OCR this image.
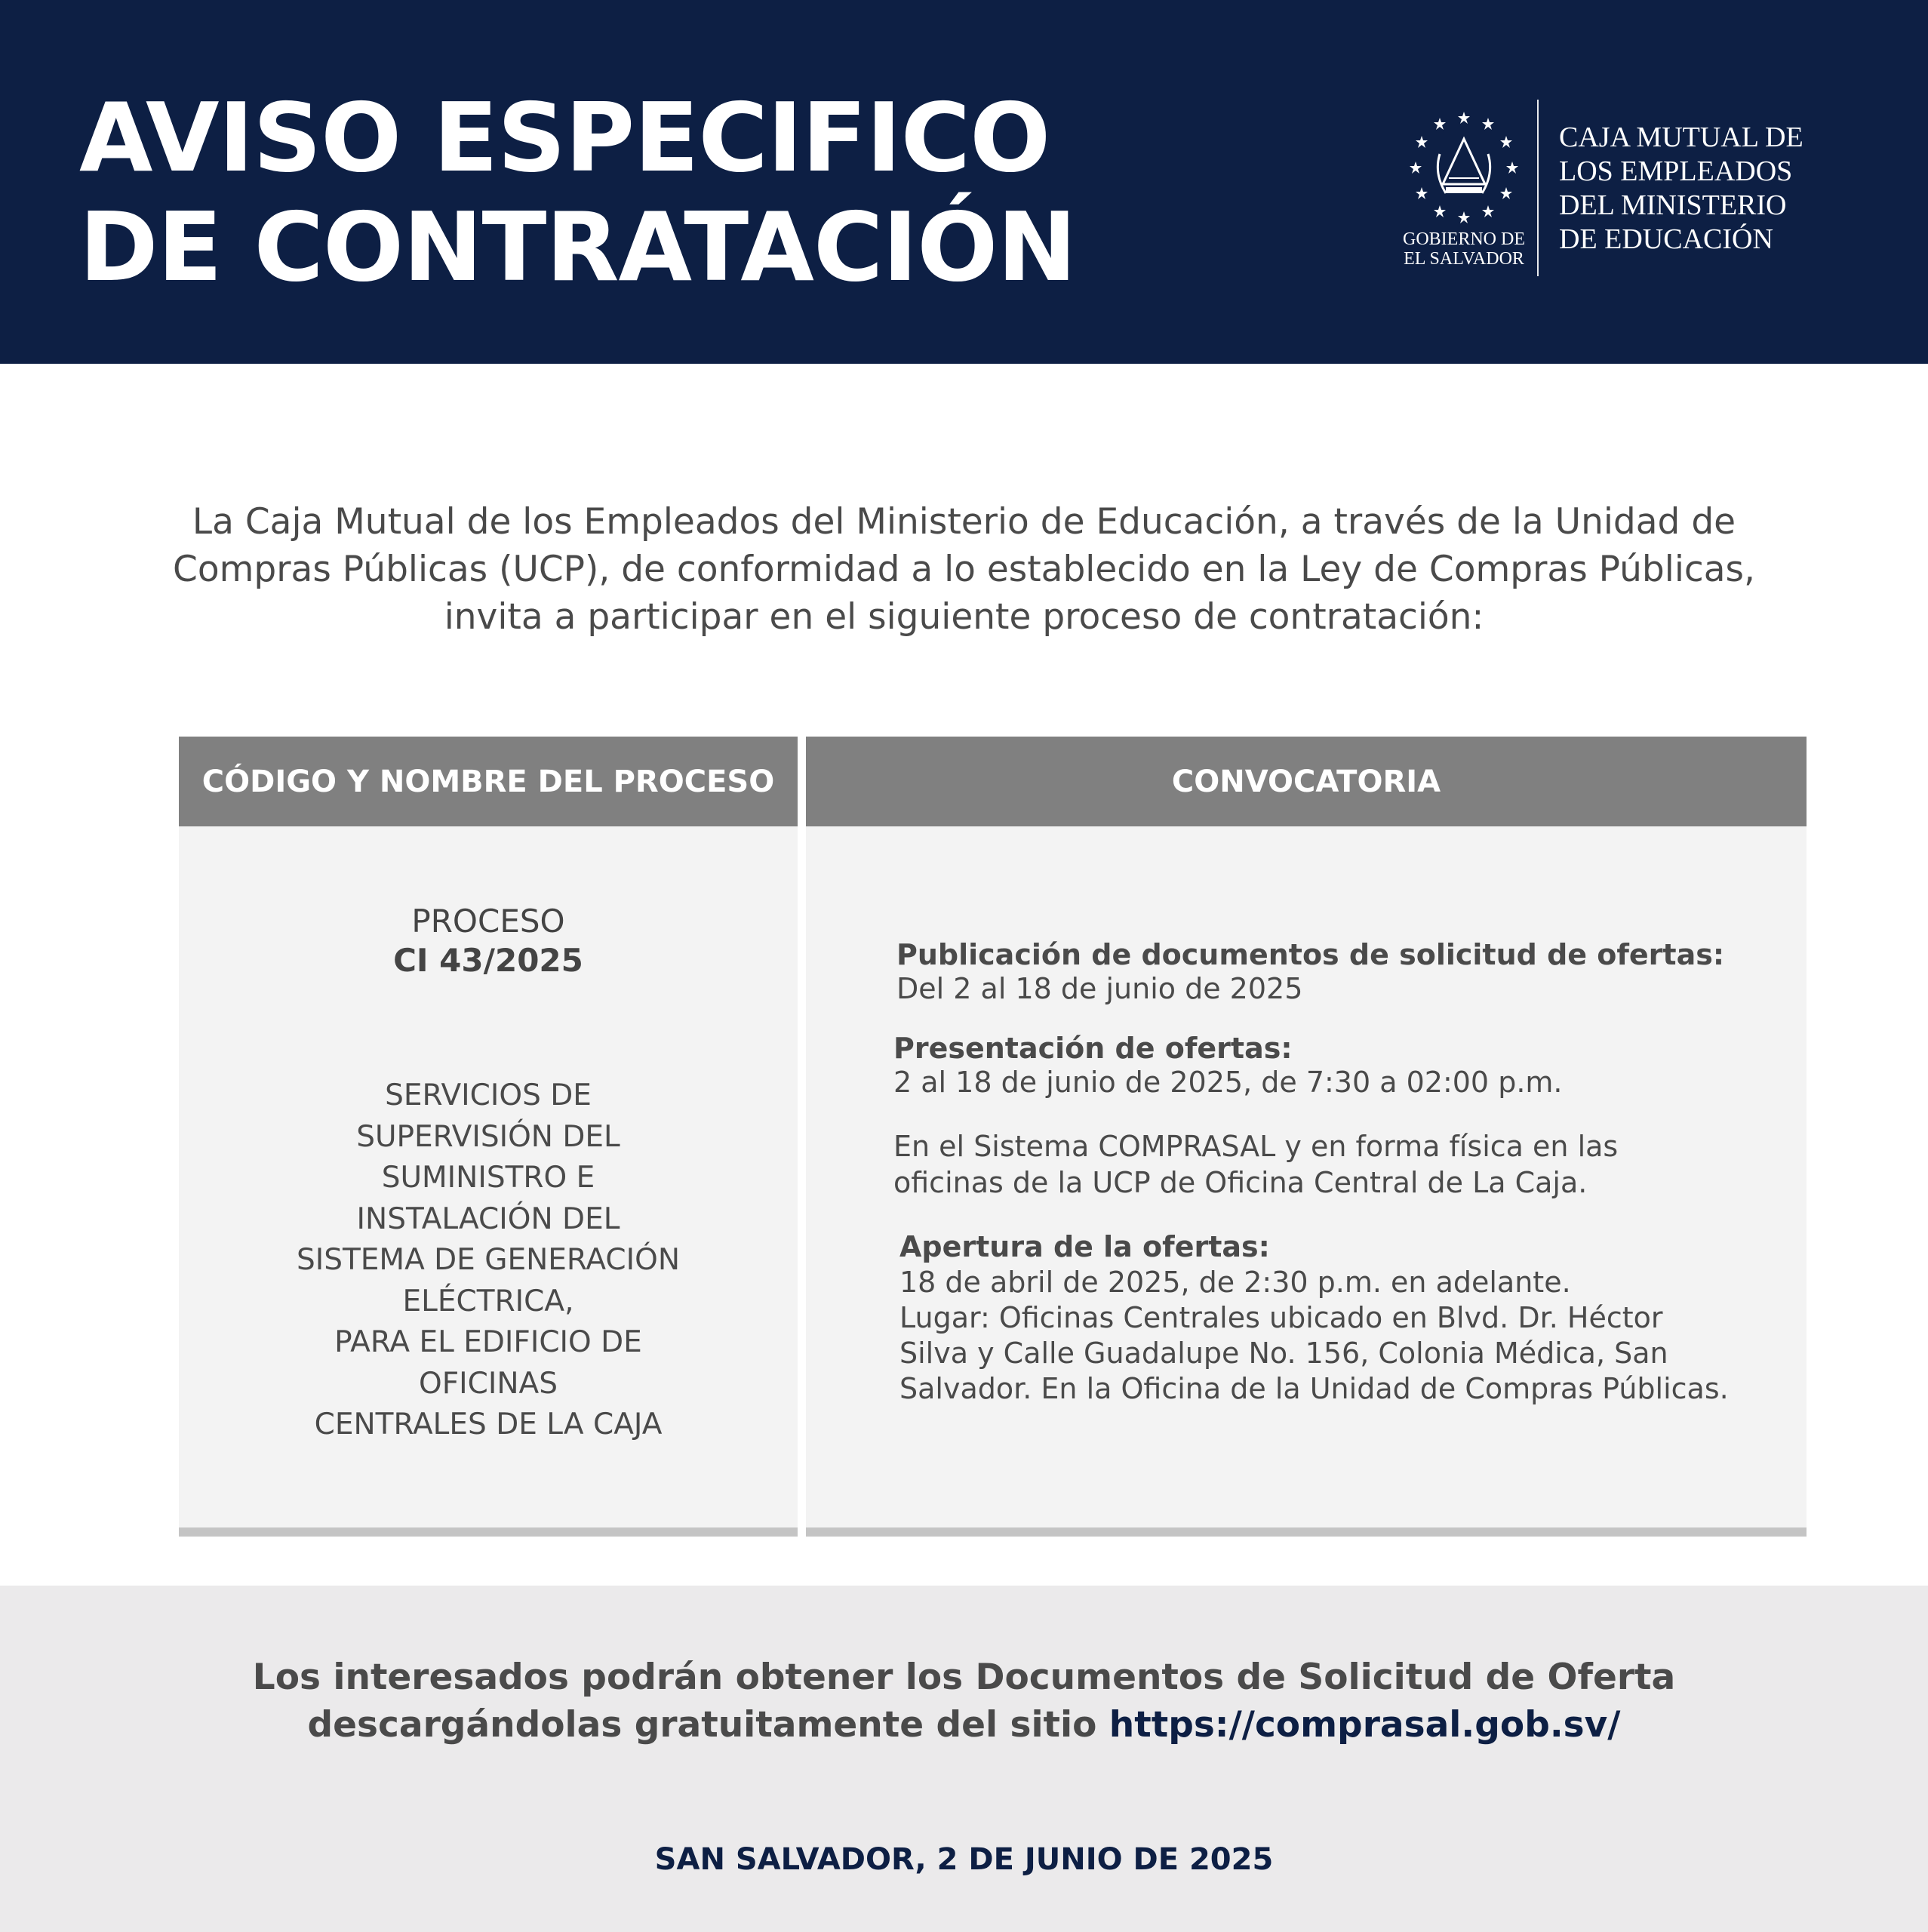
AVISO ESPECIFICO
DE CONTRATACIÓN	GOBIERNO DE
EL SALVADOR
CAJA MUTUAL DE
LOS EMPLEADOS
DEL MINISTERIO
DE EDUCACIÓN
La Caja Mutual de los Empleados del Ministerio de Educación, a través de la Unidad de
Compras Públicas (UCP), de conformidad a lo establecido en la Ley de Compras Públicas,
invita a participar en el siguiente proceso de contratación:
CÓDIGO Y NOMBRE DEL PROCESO	CONVOCATORIA
PROCESO
CI 43/2025
SERVICIOS DE
SUPERVISIÓN DEL
SUMINISTRO E
INSTALACIÓN DEL
SISTEMA DE GENERACIÓN
ELÉCTRICA,
PARA EL EDIFICIO DE
OFICINAS
CENTRALES DE LA CAJA
Publicación de documentos de solicitud de ofertas:
Del 2 al 18 de junio de 2025
Presentación de ofertas:
2 al 18 de junio de 2025, de 7:30 a 02:00 p.m.
En el Sistema COMPRASAL y en forma física en las
oficinas de la UCP de Oficina Central de La Caja.
Apertura de la ofertas:
18 de abril de 2025, de 2:30 p.m. en adelante.
Lugar: Oficinas Centrales ubicado en Blvd. Dr. Héctor
Silva y Calle Guadalupe No. 156, Colonia Médica, San
Salvador. En la Oficina de la Unidad de Compras Públicas.
Los interesados podrán obtener los Documentos de Solicitud de Oferta
descargándolas gratuitamente del sitio https://comprasal.gob.sv/
SAN SALVADOR, 2 DE JUNIO DE 2025
